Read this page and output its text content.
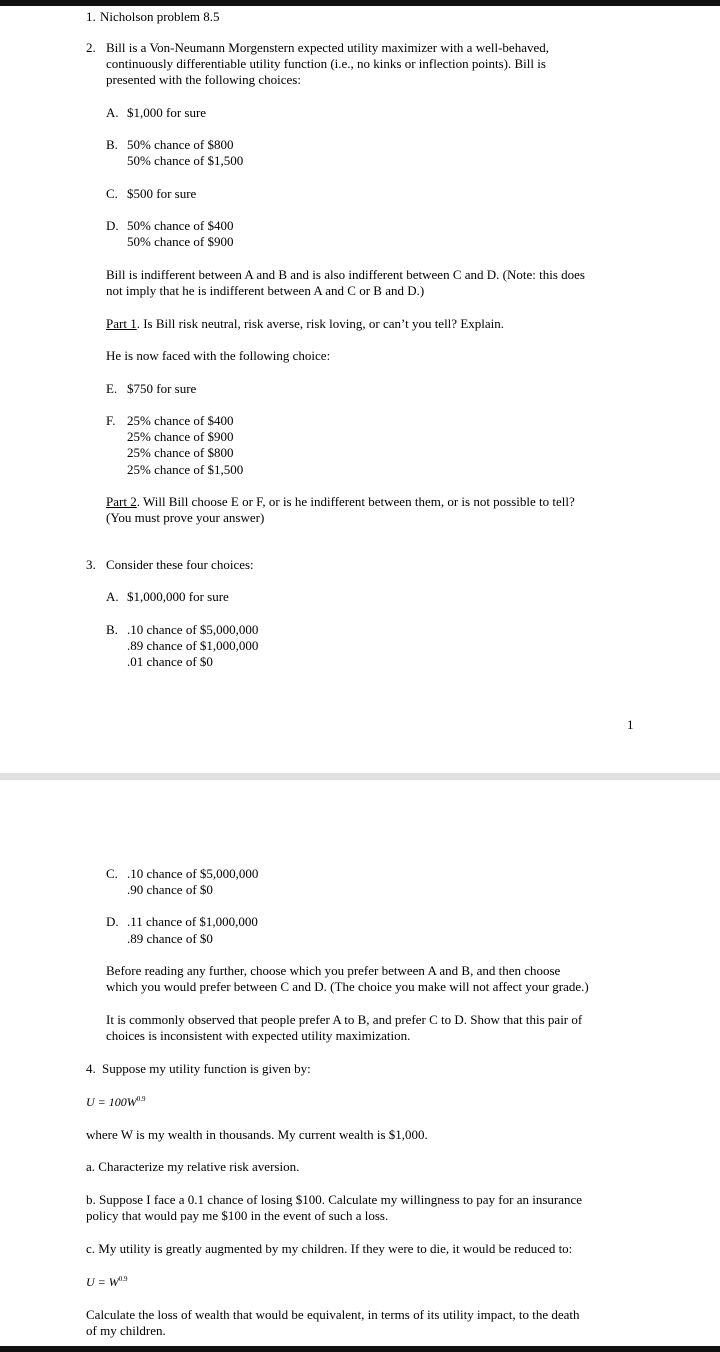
1. Nicholson problem 8.5
2. Bill is a Von-Neumann Morgenstern expected utility maximizer with a well-behaved,
continuously differentiable utility function (i.e., no kinks or inflection points). Bill is
presented with the following choices:
A. $1,000 for sure
B. 50% chance of $800
50% chance of $1,500
C. $500 for sure
D. 50% chance of $400
50% chance of $900
Bill is indifferent between A and B and is also indifferent between C and D. (Note: this does
not imply that he is indifferent between A and C or B and D.)
Part 1. Is Bill risk neutral, risk averse, risk loving, or can’t you tell? Explain.
He is now faced with the following choice:
E. $750 for sure
F. 25% chance of $400
25% chance of $900
25% chance of $800
25% chance of $1,500
Part 2. Will Bill choose E or F, or is he indifferent between them, or is not possible to tell?
(You must prove your answer)
3. Consider these four choices:
A. $1,000,000 for sure
B. .10 chance of $5,000,000
.89 chance of $1,000,000
.01 chance of $0
1
C. .10 chance of $5,000,000
.90 chance of $0
D. .11 chance of $1,000,000
.89 chance of $0
Before reading any further, choose which you prefer between A and B, and then choose
which you would prefer between C and D. (The choice you make will not affect your grade.)
It is commonly observed that people prefer A to B, and prefer C to D. Show that this pair of
choices is inconsistent with expected utility maximization.
4. Suppose my utility function is given by:
$U = 100W^{0.9}$
where W is my wealth in thousands. My current wealth is $1,000.
a. Characterize my relative risk aversion.
b. Suppose I face a 0.1 chance of losing $100. Calculate my willingness to pay for an insurance
policy that would pay me $100 in the event of such a loss.
c. My utility is greatly augmented by my children. If they were to die, it would be reduced to:
$U = W^{0.9}$
Calculate the loss of wealth that would be equivalent, in terms of its utility impact, to the death
of my children.
